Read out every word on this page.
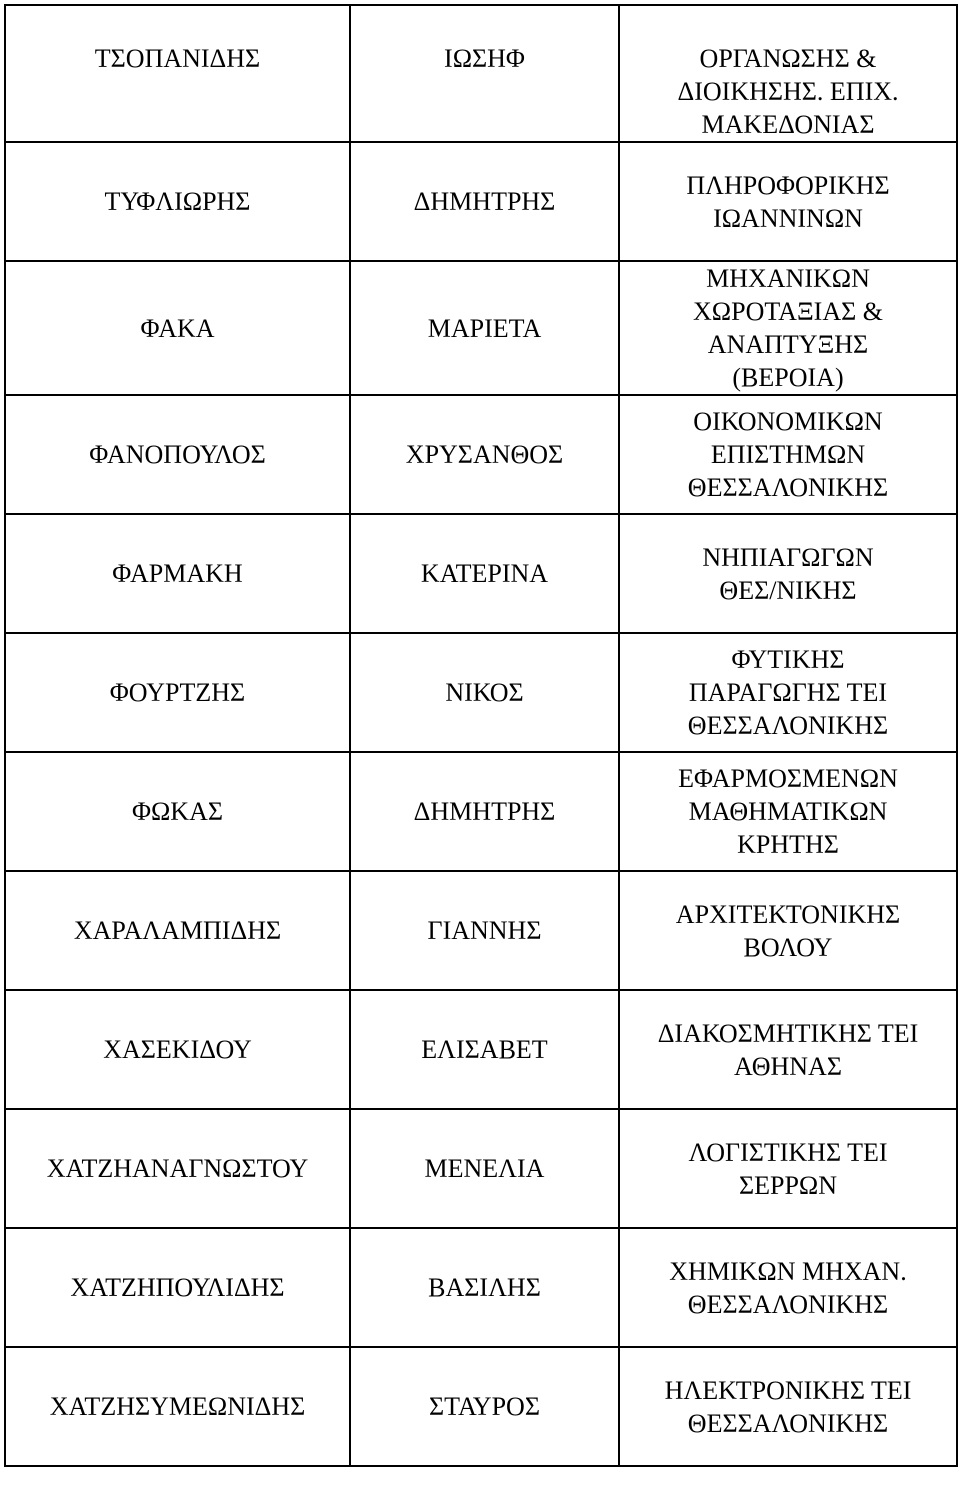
ΤΣΟΠΑΝΙΔΗΣ	ΙΩΣΗΦ	ΟΡΓΑΝΩΣΗΣ &
ΔΙΟΙΚΗΣΗΣ. ΕΠΙΧ.
ΜΑΚΕΔΟΝΙΑΣ
ΤΥΦΛΙΩΡΗΣ	ΔΗΜΗΤΡΗΣ	ΠΛΗΡΟΦΟΡΙΚΗΣ
ΙΩΑΝΝΙΝΩΝ
ΦΑΚΑ	ΜΑΡΙΕΤΑ	ΜΗΧΑΝΙΚΩΝ
ΧΩΡΟΤΑΞΙΑΣ &
ΑΝΑΠΤΥΞΗΣ
(ΒΕΡΟΙΑ)
ΦΑΝΟΠΟΥΛΟΣ	ΧΡΥΣΑΝΘΟΣ	ΟΙΚΟΝΟΜΙΚΩΝ
ΕΠΙΣΤΗΜΩΝ
ΘΕΣΣΑΛΟΝΙΚΗΣ
ΦΑΡΜΑΚΗ	ΚΑΤΕΡΙΝΑ	ΝΗΠΙΑΓΩΓΩΝ
ΘΕΣ/ΝΙΚΗΣ
ΦΟΥΡΤΖΗΣ	ΝΙΚΟΣ	ΦΥΤΙΚΗΣ
ΠΑΡΑΓΩΓΗΣ ΤΕΙ
ΘΕΣΣΑΛΟΝΙΚΗΣ
ΦΩΚΑΣ	ΔΗΜΗΤΡΗΣ	ΕΦΑΡΜΟΣΜΕΝΩΝ
ΜΑΘΗΜΑΤΙΚΩΝ
ΚΡΗΤΗΣ
ΧΑΡΑΛΑΜΠΙΔΗΣ	ΓΙΑΝΝΗΣ	ΑΡΧΙΤΕΚΤΟΝΙΚΗΣ
ΒΟΛΟΥ
ΧΑΣΕΚΙΔΟΥ	ΕΛΙΣΑΒΕΤ	ΔΙΑΚΟΣΜΗΤΙΚΗΣ ΤΕΙ
ΑΘΗΝΑΣ
ΧΑΤΖΗΑΝΑΓΝΩΣΤΟΥ	ΜΕΝΕΛΙΑ	ΛΟΓΙΣΤΙΚΗΣ ΤΕΙ
ΣΕΡΡΩΝ
ΧΑΤΖΗΠΟΥΛΙΔΗΣ	ΒΑΣΙΛΗΣ	ΧΗΜΙΚΩΝ ΜΗΧΑΝ.
ΘΕΣΣΑΛΟΝΙΚΗΣ
ΧΑΤΖΗΣΥΜΕΩΝΙΔΗΣ	ΣΤΑΥΡΟΣ	ΗΛΕΚΤΡΟΝΙΚΗΣ ΤΕΙ
ΘΕΣΣΑΛΟΝΙΚΗΣ
